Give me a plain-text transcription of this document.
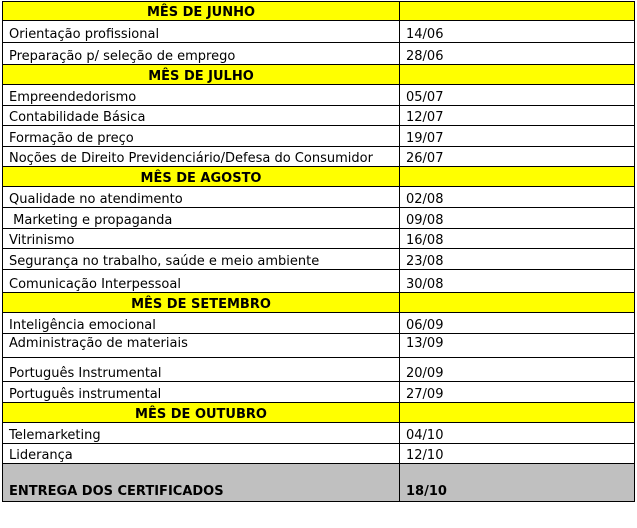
MÊS DE JUNHO	
Orientação profissional	14/06
Preparação p/ seleção de emprego	28/06
MÊS DE JULHO	
Empreendedorismo	05/07
Contabilidade Básica	12/07
Formação de preço	19/07
Noções de Direito Previdenciário/Defesa do Consumidor	26/07
MÊS DE AGOSTO	
Qualidade no atendimento	02/08
Marketing e propaganda	09/08
Vitrinismo	16/08
Segurança no trabalho, saúde e meio ambiente	23/08
Comunicação Interpessoal	30/08
MÊS DE SETEMBRO	
Inteligência emocional	06/09
Administração de materiais	13/09
Português Instrumental	20/09
Português instrumental	27/09
MÊS DE OUTUBRO	
Telemarketing	04/10
Liderança	12/10
ENTREGA DOS CERTIFICADOS	18/10
